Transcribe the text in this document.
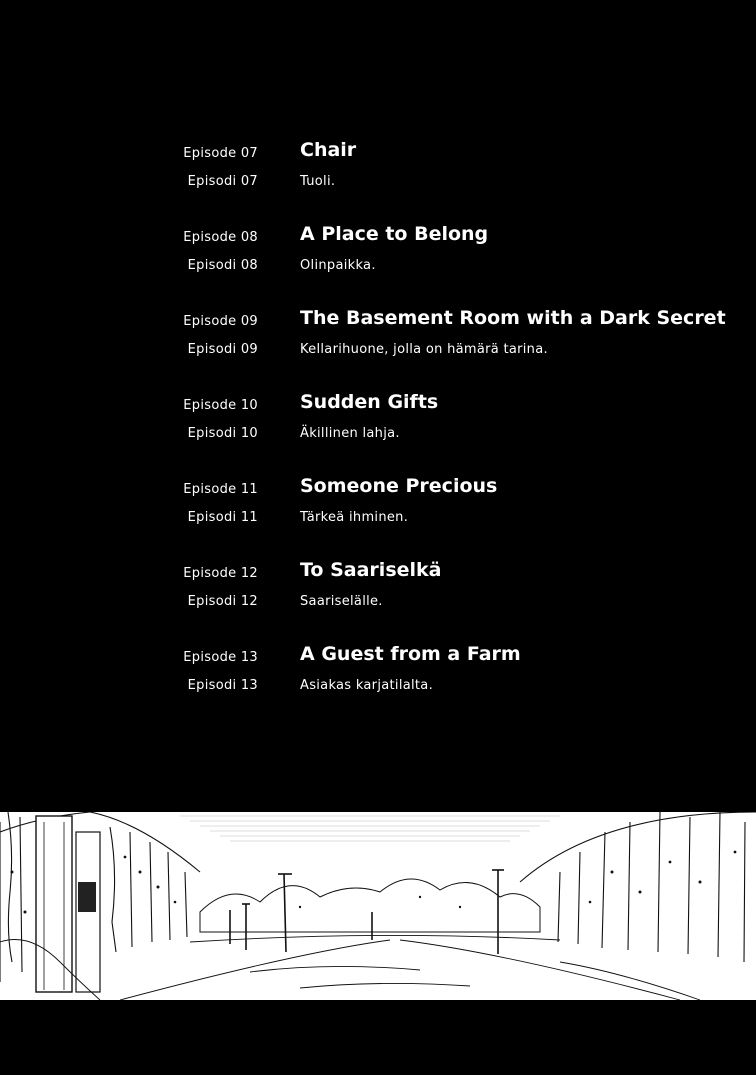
Episode 07 Chair
Episodi 07	Tuoli.
Episode 08 A Place to Belong
Episodi 08	Olinpaikka.
Episode 09 The Basement Room with a Dark Secret
Episodi 09	Kellarihuone, jolla on hämärä tarina.
Episode 10 Sudden Gifts
Episodi 10	Äkillinen lahja.
Episode 11 Someone Precious
Episodi 11	Tärkeä ihminen.
Episode 12 To Saariselkä
Episodi 12	Saariselälle.
Episode 13 A Guest from a Farm
Episodi 13	Asiakas karjatilalta.
